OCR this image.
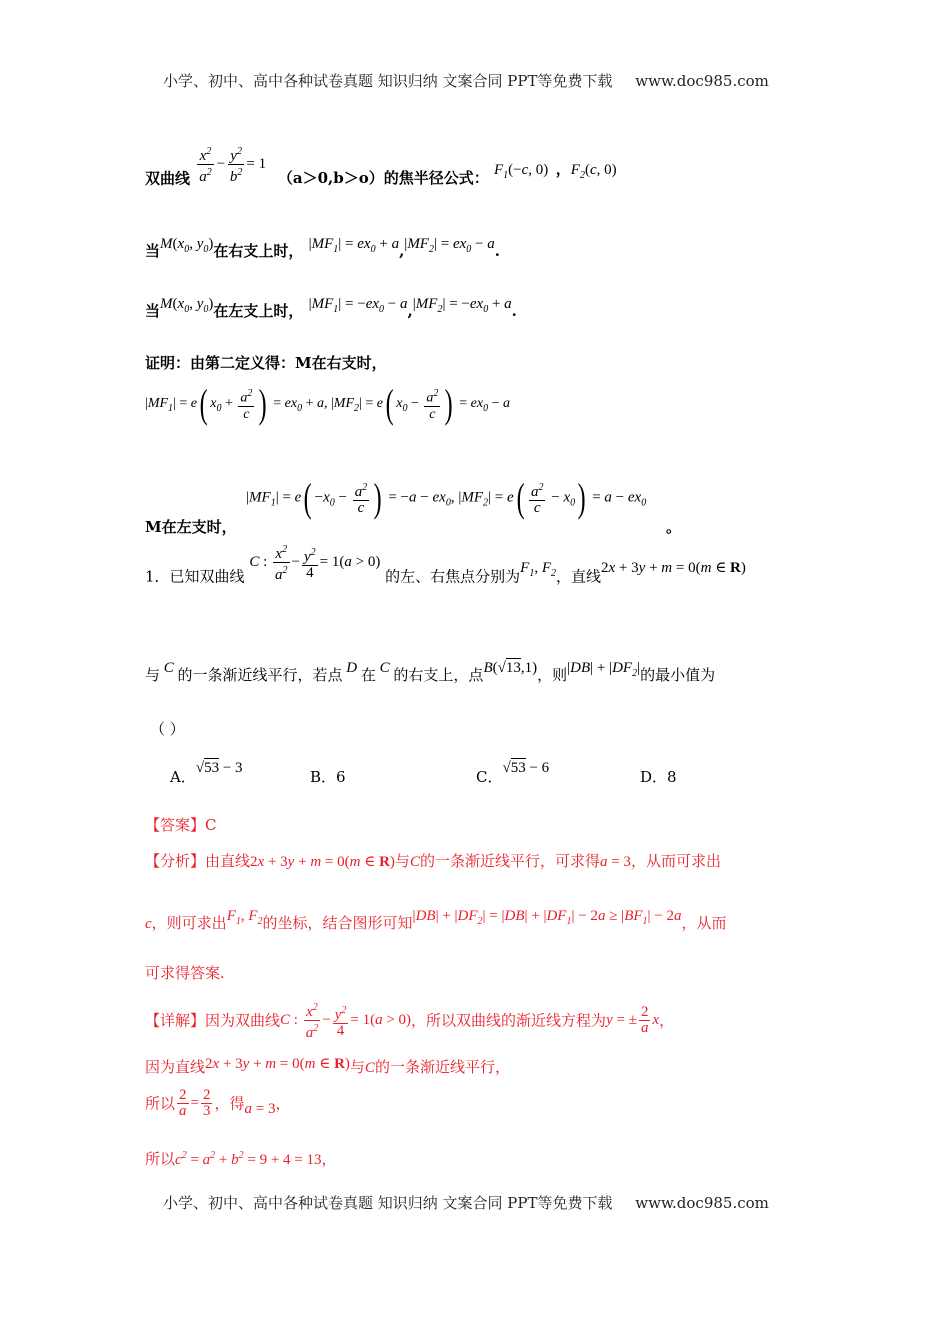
小学、初中、高中各种试卷真题 知识归纳 文案合同 PPT等免费下载 www.doc985.com
双曲线 $\frac{x^2}{a^2} - \frac{y^2}{b^2} = 1$ （a＞0,b＞o）的焦半径公式： $F_1(-c$, 0) ，$F_2(c$, 0)
当$M(x_0$, $y_0$)在右支上时， $|MF_1| = ex_0 + a,|MF_2| = ex_0 - a$.
当$M(x_0$, $y_0$)在左支上时， $|MF_1| = -ex_0 - a,|MF_2| = -ex_0 + a$.
证明：由第二定义得：M在右支时，
$|MF_1| = e$( $x_0 + \frac{a^2}{c}$ ) = $ex_0 + a$, $|MF_2| = e$( $x_0 - \frac{a^2}{c}$ ) = $ex_0 - a$
$|MF_1| = e( -x_0 - \frac{a^2}{c}$ ) = $-a - ex_0$, $|MF_2| = e( \frac{a^2}{c} - x_0) = a - ex_0$
M在左支时，	。
1．已知双曲线 C : $\frac{x^2}{a^2} - \frac{y^2}{4} = 1(a > 0)$ 的左、右焦点分别为$F_1$, $F_2$，直线2x + 3y + m = 0(m ∈ R)
与 C 的一条渐近线平行，若点 D 在 C 的右支上，点B(√13,1)，则$|DB| + |DF_2|$的最小值为
（ ）
A．√53 − 3	B．6	C．√53 − 6	D．8
【答案】C
【分析】由直线2x + 3y + m = 0(m ∈ R)与C的一条渐近线平行，可求得a = 3，从而可求出
c，则可求出$F_1$, $F_2$的坐标，结合图形可知$|DB| + |DF_2| = |DB| + |DF_1| - 2a \ge |BF_1| - 2a$，从而
可求得答案.
【详解】因为双曲线C : $\frac{x^2}{a^2} - \frac{y^2}{4} = 1(a > 0)$，所以双曲线的渐近线方程为y = ± $\frac{2}{a}$ x，
因为直线2x + 3y + m = 0(m ∈ R)与C的一条渐近线平行，
所以 $\frac{2}{a} = \frac{2}{3}$ ，得a = 3，
所以$c^2 = a^2 + b^2 = 9 + 4 = 13$，
小学、初中、高中各种试卷真题 知识归纳 文案合同 PPT等免费下载 www.doc985.com
